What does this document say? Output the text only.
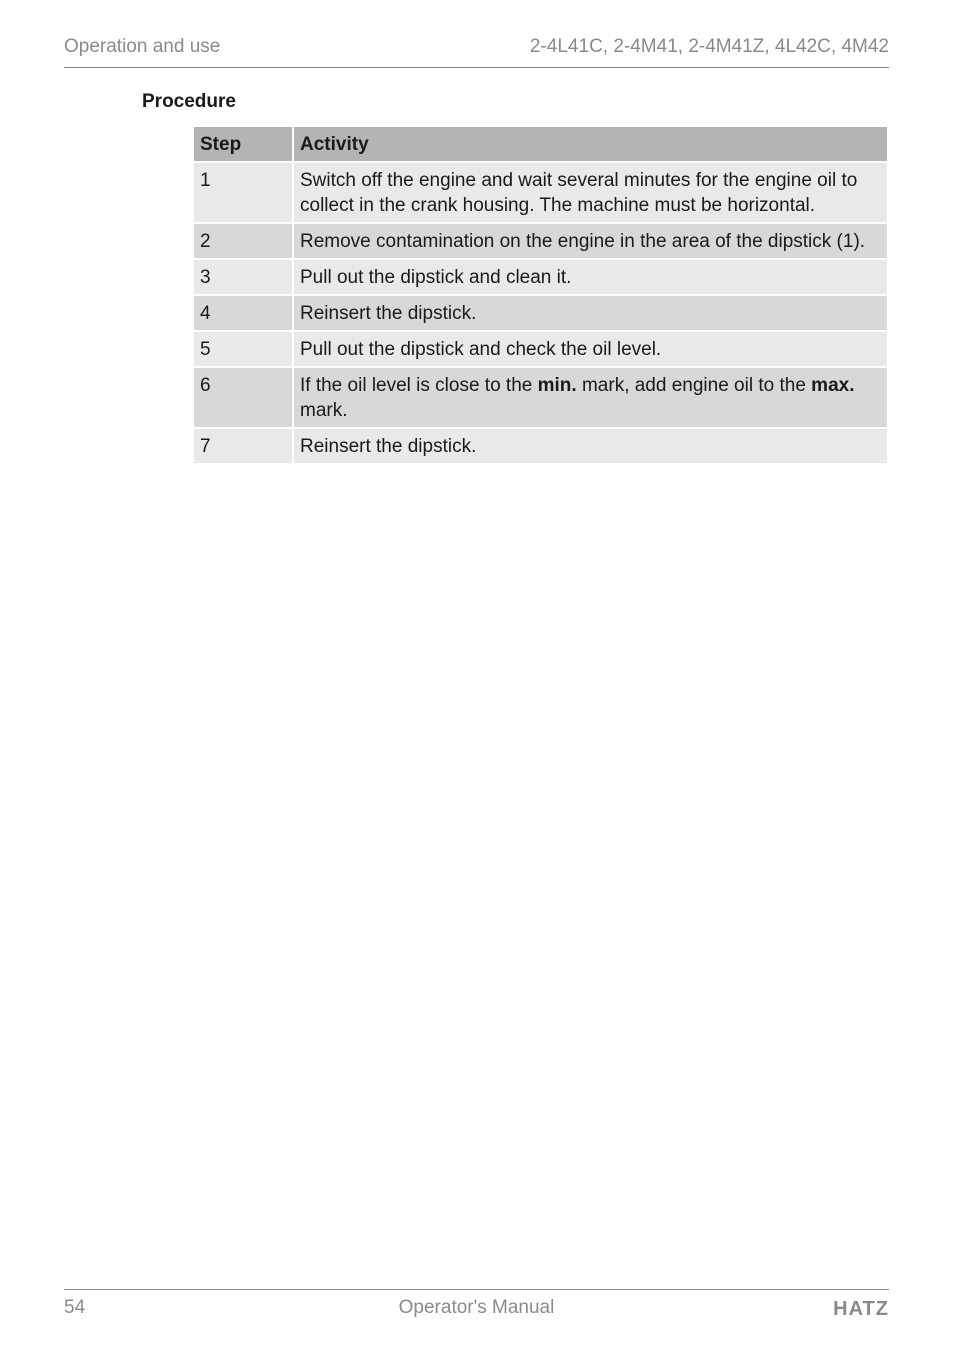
Operation and use	2-4L41C, 2-4M41, 2-4M41Z, 4L42C, 4M42
Procedure
Step	Activity
1	Switch off the engine and wait several minutes for the engine oil to collect in the crank housing. The machine must be horizontal.
2	Remove contamination on the engine in the area of the dipstick (1).
3	Pull out the dipstick and clean it.
4	Reinsert the dipstick.
5	Pull out the dipstick and check the oil level.
6	If the oil level is close to the min. mark, add engine oil to the max. mark.
7	Reinsert the dipstick.
54	Operator's Manual	HATZ
